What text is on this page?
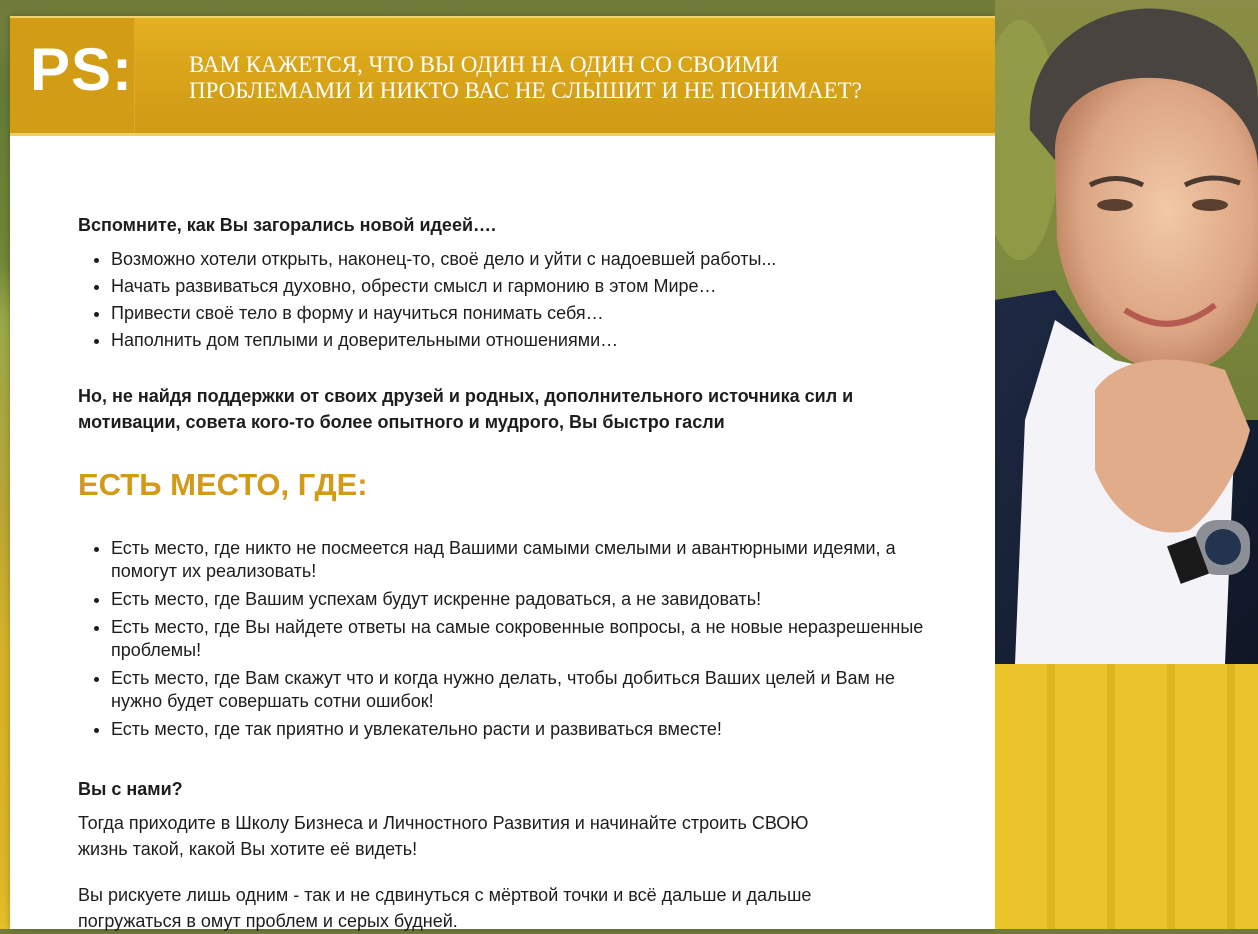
PS: ВАМ КАЖЕТСЯ, ЧТО ВЫ ОДИН НА ОДИН СО СВОИМИ
ПРОБЛЕМАМИ И НИКТО ВАС НЕ СЛЫШИТ И НЕ ПОНИМАЕТ?

Вспомните, как Вы загорались новой идеей….

• Возможно хотели открыть, наконец-то, своё дело и уйти с надоевшей работы...
• Начать развиваться духовно, обрести смысл и гармонию в этом Мире…
• Привести своё тело в форму и научиться понимать себя…
• Наполнить дом теплыми и доверительными отношениями…

Но, не найдя поддержки от своих друзей и родных, дополнительного источника сил и
мотивации, совета кого-то более опытного и мудрого, Вы быстро гасли

ЕСТЬ МЕСТО, ГДЕ:
• Есть место, где никто не посмеется над Вашими самыми смелыми и авантюрными идеями, а помогут их реализовать!
• Есть место, где Вашим успехам будут искренне радоваться, а не завидовать!
• Есть место, где Вы найдете ответы на самые сокровенные вопросы, а не новые неразрешенные проблемы!
• Есть место, где Вам скажут что и когда нужно делать, чтобы добиться Ваших целей и Вам не нужно будет совершать сотни ошибок!
• Есть место, где так приятно и увлекательно расти и развиваться вместе!

Вы с нами?

Тогда приходите в Школу Бизнеса и Личностного Развития и начинайте строить СВОЮ
жизнь такой, какой Вы хотите её видеть!

Вы рискуете лишь одним - так и не сдвинуться с мёртвой точки и всё дальше и дальше
погружаться в омут проблем и серых будней.
